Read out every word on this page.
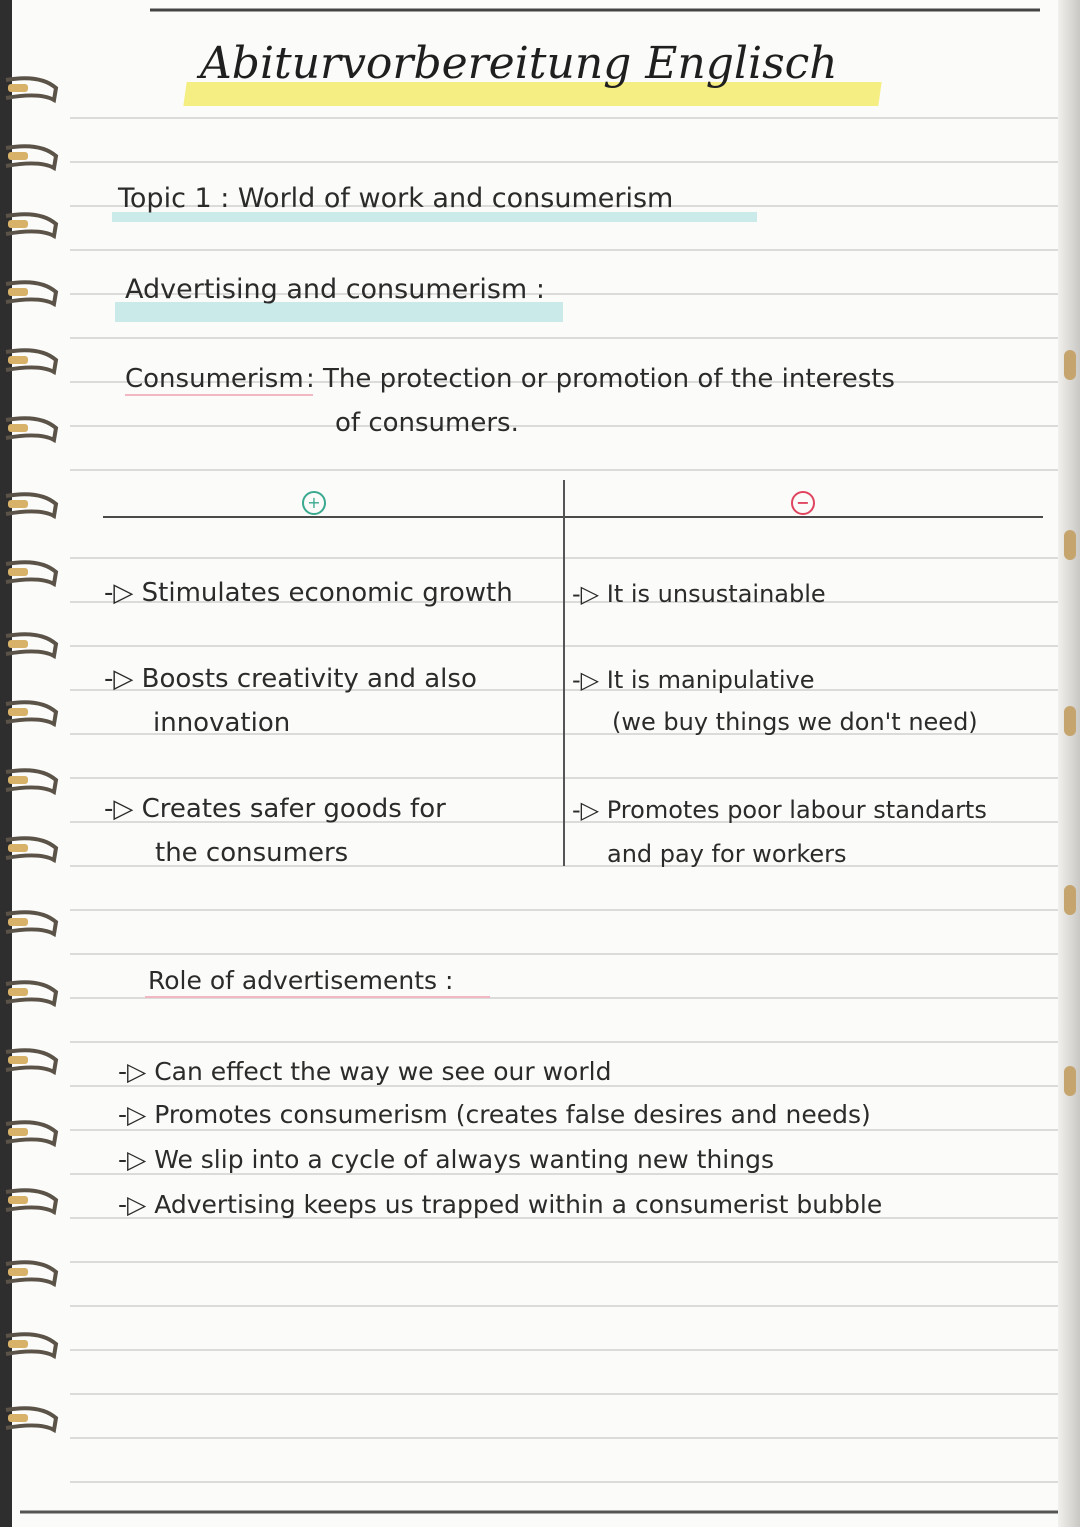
Abiturvorbereitung Englisch
Topic 1 : World of work and consumerism
Advertising and consumerism :
Consumerism : The protection or promotion of the interests
of consumers.
+	−
-▷ Stimulates economic growth
-▷ Boosts creativity and also
innovation
-▷ Creates safer goods for
the consumers
-▷ It is unsustainable
-▷ It is manipulative
(we buy things we don't need)
-▷ Promotes poor labour standarts
and pay for workers
Role of advertisements :
-▷ Can effect the way we see our world
-▷ Promotes consumerism (creates false desires and needs)
-▷ We slip into a cycle of always wanting new things
-▷ Advertising keeps us trapped within a consumerist bubble
